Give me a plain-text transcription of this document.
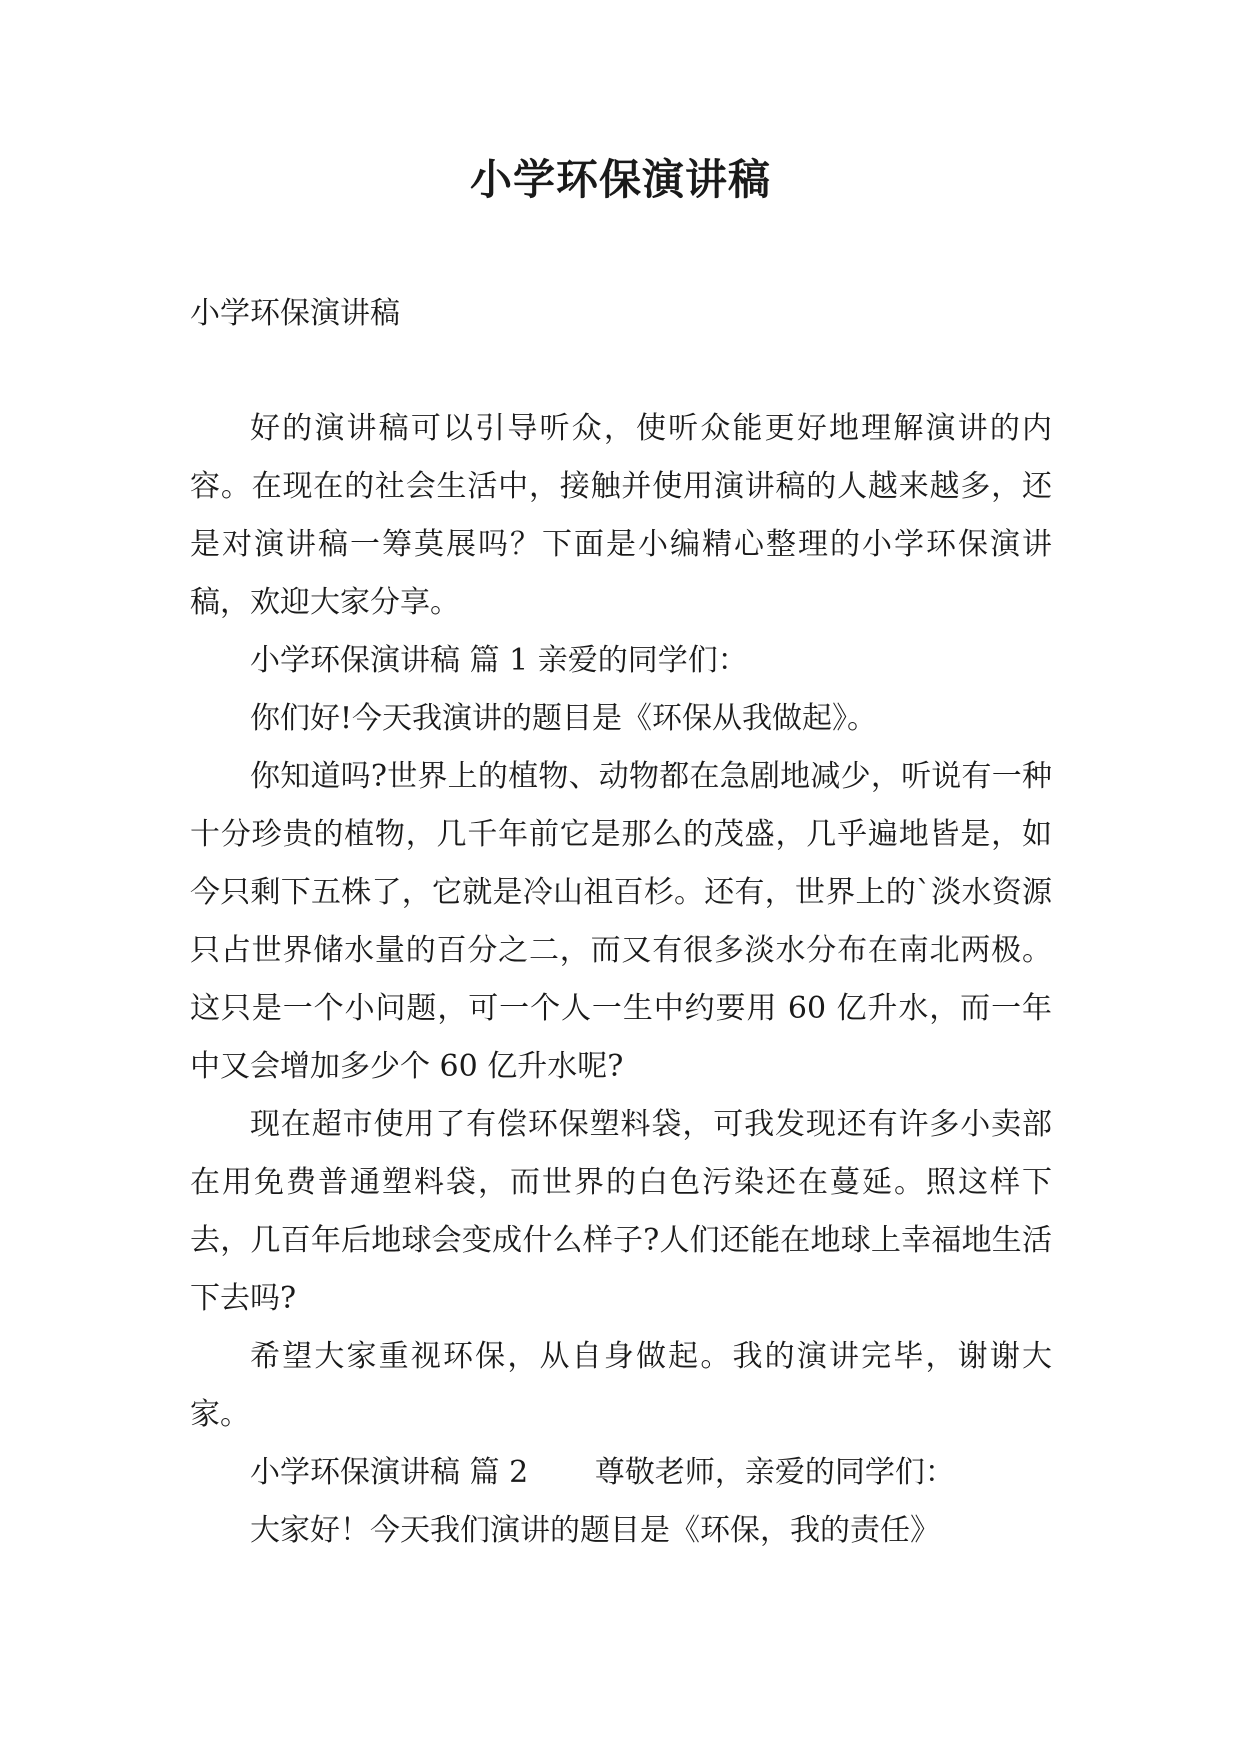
小学环保演讲稿
小学环保演讲稿

好的演讲稿可以引导听众，使听众能更好地理解演讲的内容。在现在的社会生活中，接触并使用演讲稿的人越来越多，还是对演讲稿一筹莫展吗？下面是小编精心整理的小学环保演讲稿，欢迎大家分享。

小学环保演讲稿 篇 1 亲爱的同学们：

你们好!今天我演讲的题目是《环保从我做起》。

你知道吗?世界上的植物、动物都在急剧地减少，听说有一种十分珍贵的植物，几千年前它是那么的茂盛，几乎遍地皆是，如今只剩下五株了，它就是冷山祖百杉。还有，世界上的`淡水资源只占世界储水量的百分之二，而又有很多淡水分布在南北两极。这只是一个小问题，可一个人一生中约要用 60 亿升水，而一年中又会增加多少个 60 亿升水呢?

现在超市使用了有偿环保塑料袋，可我发现还有许多小卖部在用免费普通塑料袋，而世界的白色污染还在蔓延。照这样下去，几百年后地球会变成什么样子?人们还能在地球上幸福地生活下去吗?

希望大家重视环保，从自身做起。我的演讲完毕，谢谢大家。

小学环保演讲稿 篇 2       尊敬老师，亲爱的同学们：

大家好！今天我们演讲的题目是《环保，我的责任》
